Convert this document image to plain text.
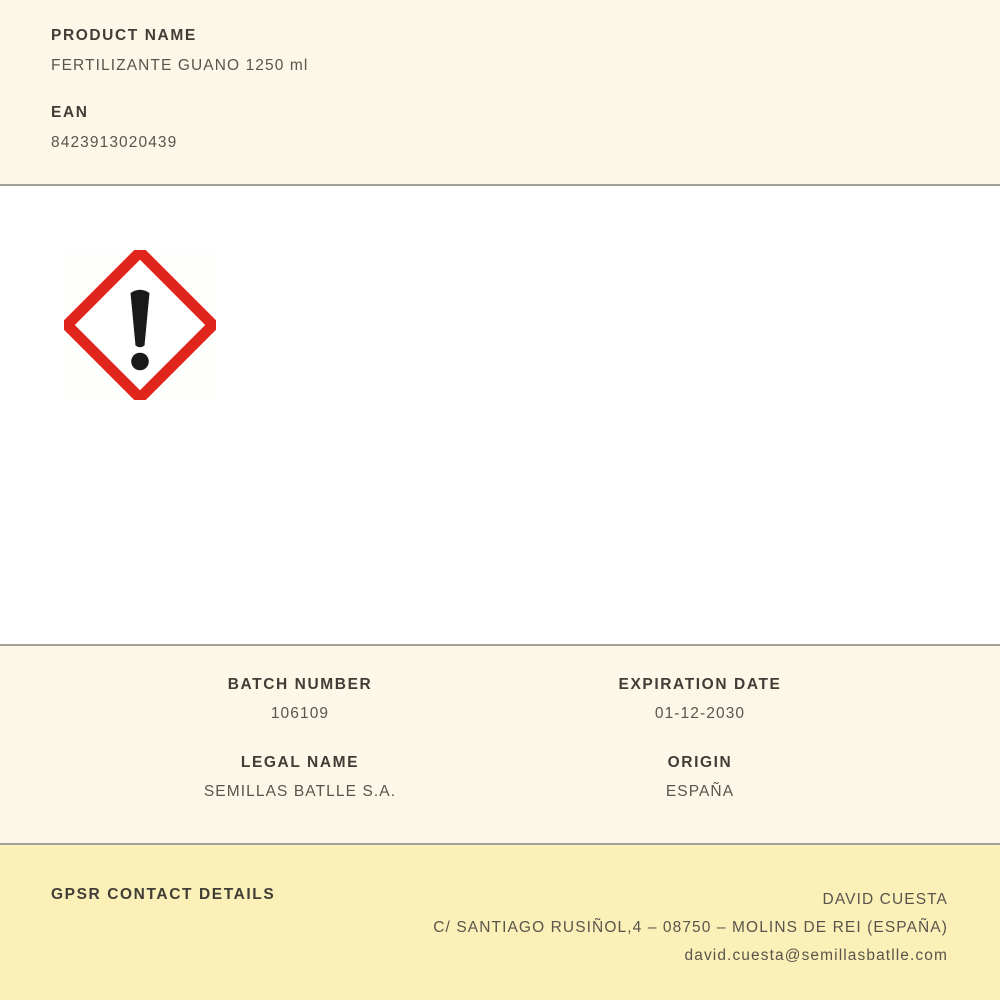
PRODUCT NAME
FERTILIZANTE GUANO 1250 ml
EAN
8423913020439
BATCH NUMBER
106109
EXPIRATION DATE
01-12-2030
LEGAL NAME
SEMILLAS BATLLE S.A.
ORIGIN
ESPAÑA
GPSR CONTACT DETAILS	DAVID CUESTA
C/ SANTIAGO RUSIÑOL,4 – 08750 – MOLINS DE REI (ESPAÑA)
david.cuesta@semillasbatlle.com
